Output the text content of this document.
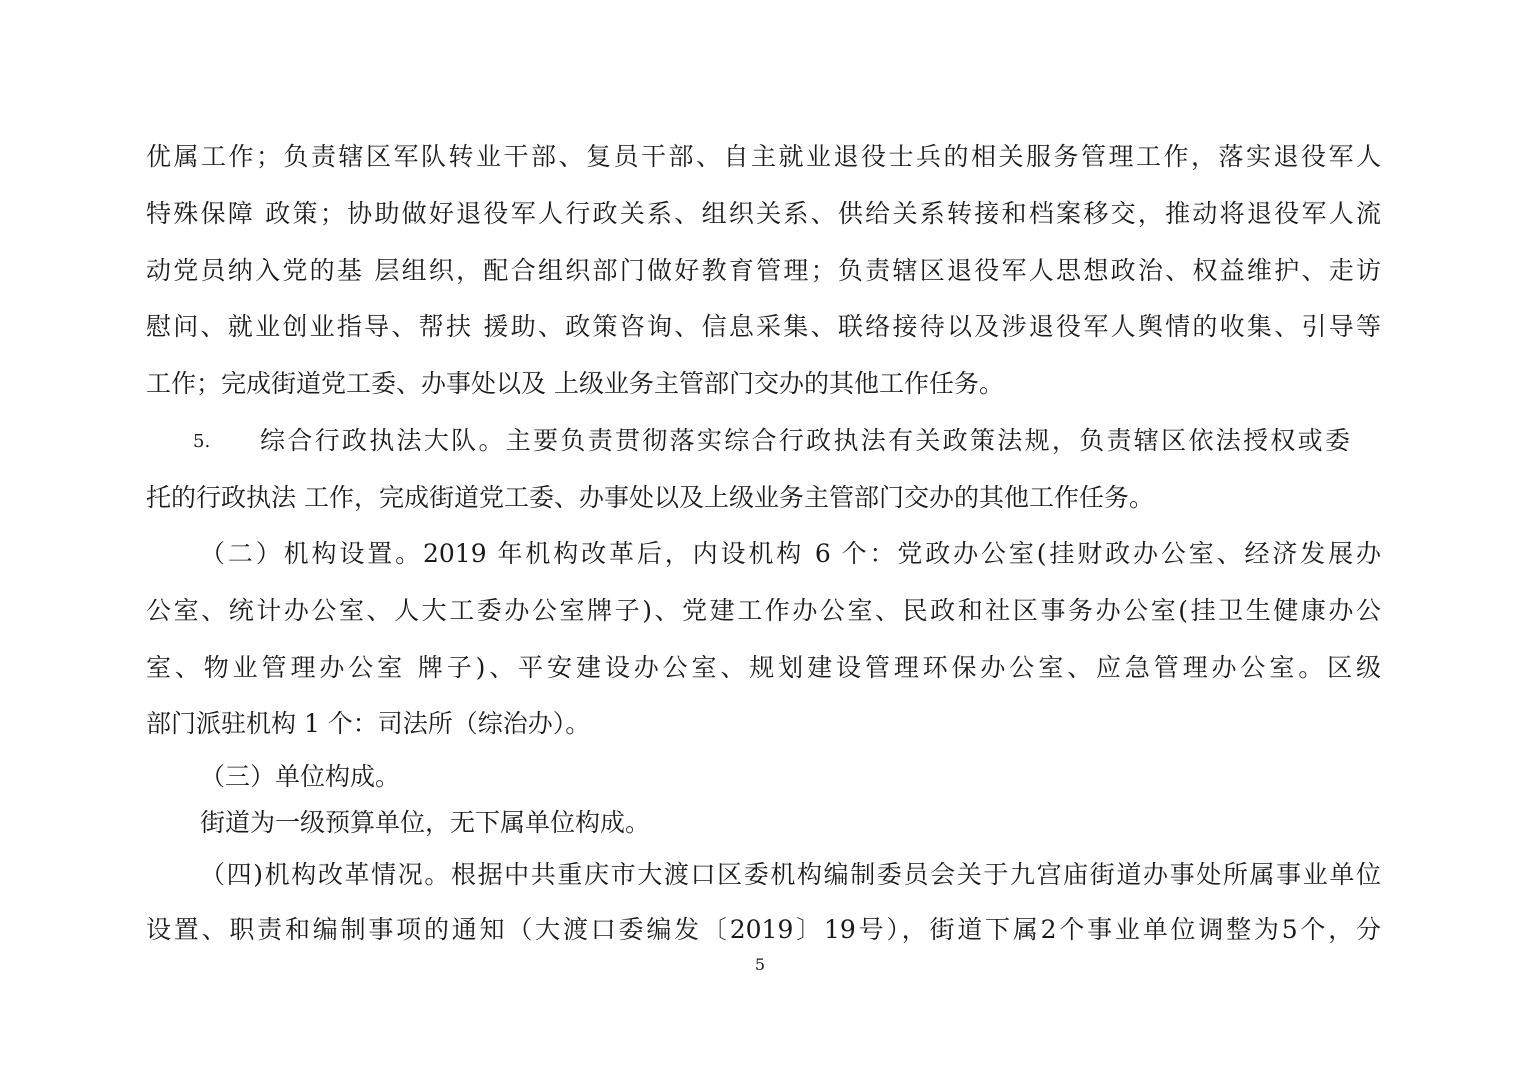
优属工作；负责辖区军队转业干部、复员干部、自主就业退役士兵的相关服务管理工作，落实退役军人
特殊保障 政策；协助做好退役军人行政关系、组织关系、供给关系转接和档案移交，推动将退役军人流
动党员纳入党的基 层组织，配合组织部门做好教育管理；负责辖区退役军人思想政治、权益维护、走访
慰问、就业创业指导、帮扶 援助、政策咨询、信息采集、联络接待以及涉退役军人舆情的收集、引导等
工作；完成街道党工委、办事处以及 上级业务主管部门交办的其他工作任务。
5. 综合行政执法大队。主要负责贯彻落实综合行政执法有关政策法规，负责辖区依法授权或委
托的行政执法 工作，完成街道党工委、办事处以及上级业务主管部门交办的其他工作任务。
（二）机构设置。2019 年机构改革后，内设机构 6 个：党政办公室(挂财政办公室、经济发展办
公室、统计办公室、人大工委办公室牌子)、党建工作办公室、民政和社区事务办公室(挂卫生健康办公
室、物业管理办公室 牌子)、平安建设办公室、规划建设管理环保办公室、应急管理办公室。区级
部门派驻机构 1 个：司法所（综治办）。
（三）单位构成。
街道为一级预算单位，无下属单位构成。
（四)机构改革情况。根据中共重庆市大渡口区委机构编制委员会关于九宫庙街道办事处所属事业单位
设置、职责和编制事项的通知（大渡口委编发〔2019〕19号），街道下属2个事业单位调整为5个，分
5
